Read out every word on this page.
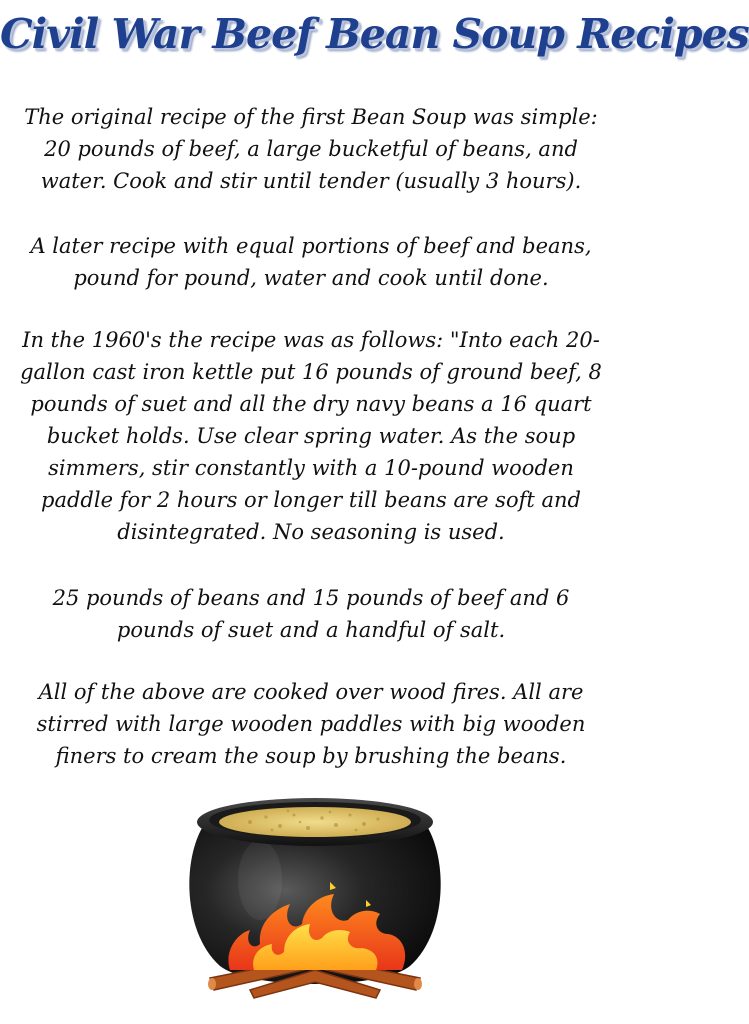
Civil War Beef Bean Soup Recipes

The original recipe of the first Bean Soup was simple: 20 pounds of beef, a large bucketful of beans, and water. Cook and stir until tender (usually 3 hours).

A later recipe with equal portions of beef and beans, pound for pound, water and cook until done.

In the 1960's the recipe was as follows: "Into each 20-gallon cast iron kettle put 16 pounds of ground beef, 8 pounds of suet and all the dry navy beans a 16 quart bucket holds. Use clear spring water. As the soup simmers, stir constantly with a 10-pound wooden paddle for 2 hours or longer till beans are soft and disintegrated. No seasoning is used.

25 pounds of beans and 15 pounds of beef and 6 pounds of suet and a handful of salt.

All of the above are cooked over wood fires. All are stirred with large wooden paddles with big wooden finers to cream the soup by brushing the beans.
